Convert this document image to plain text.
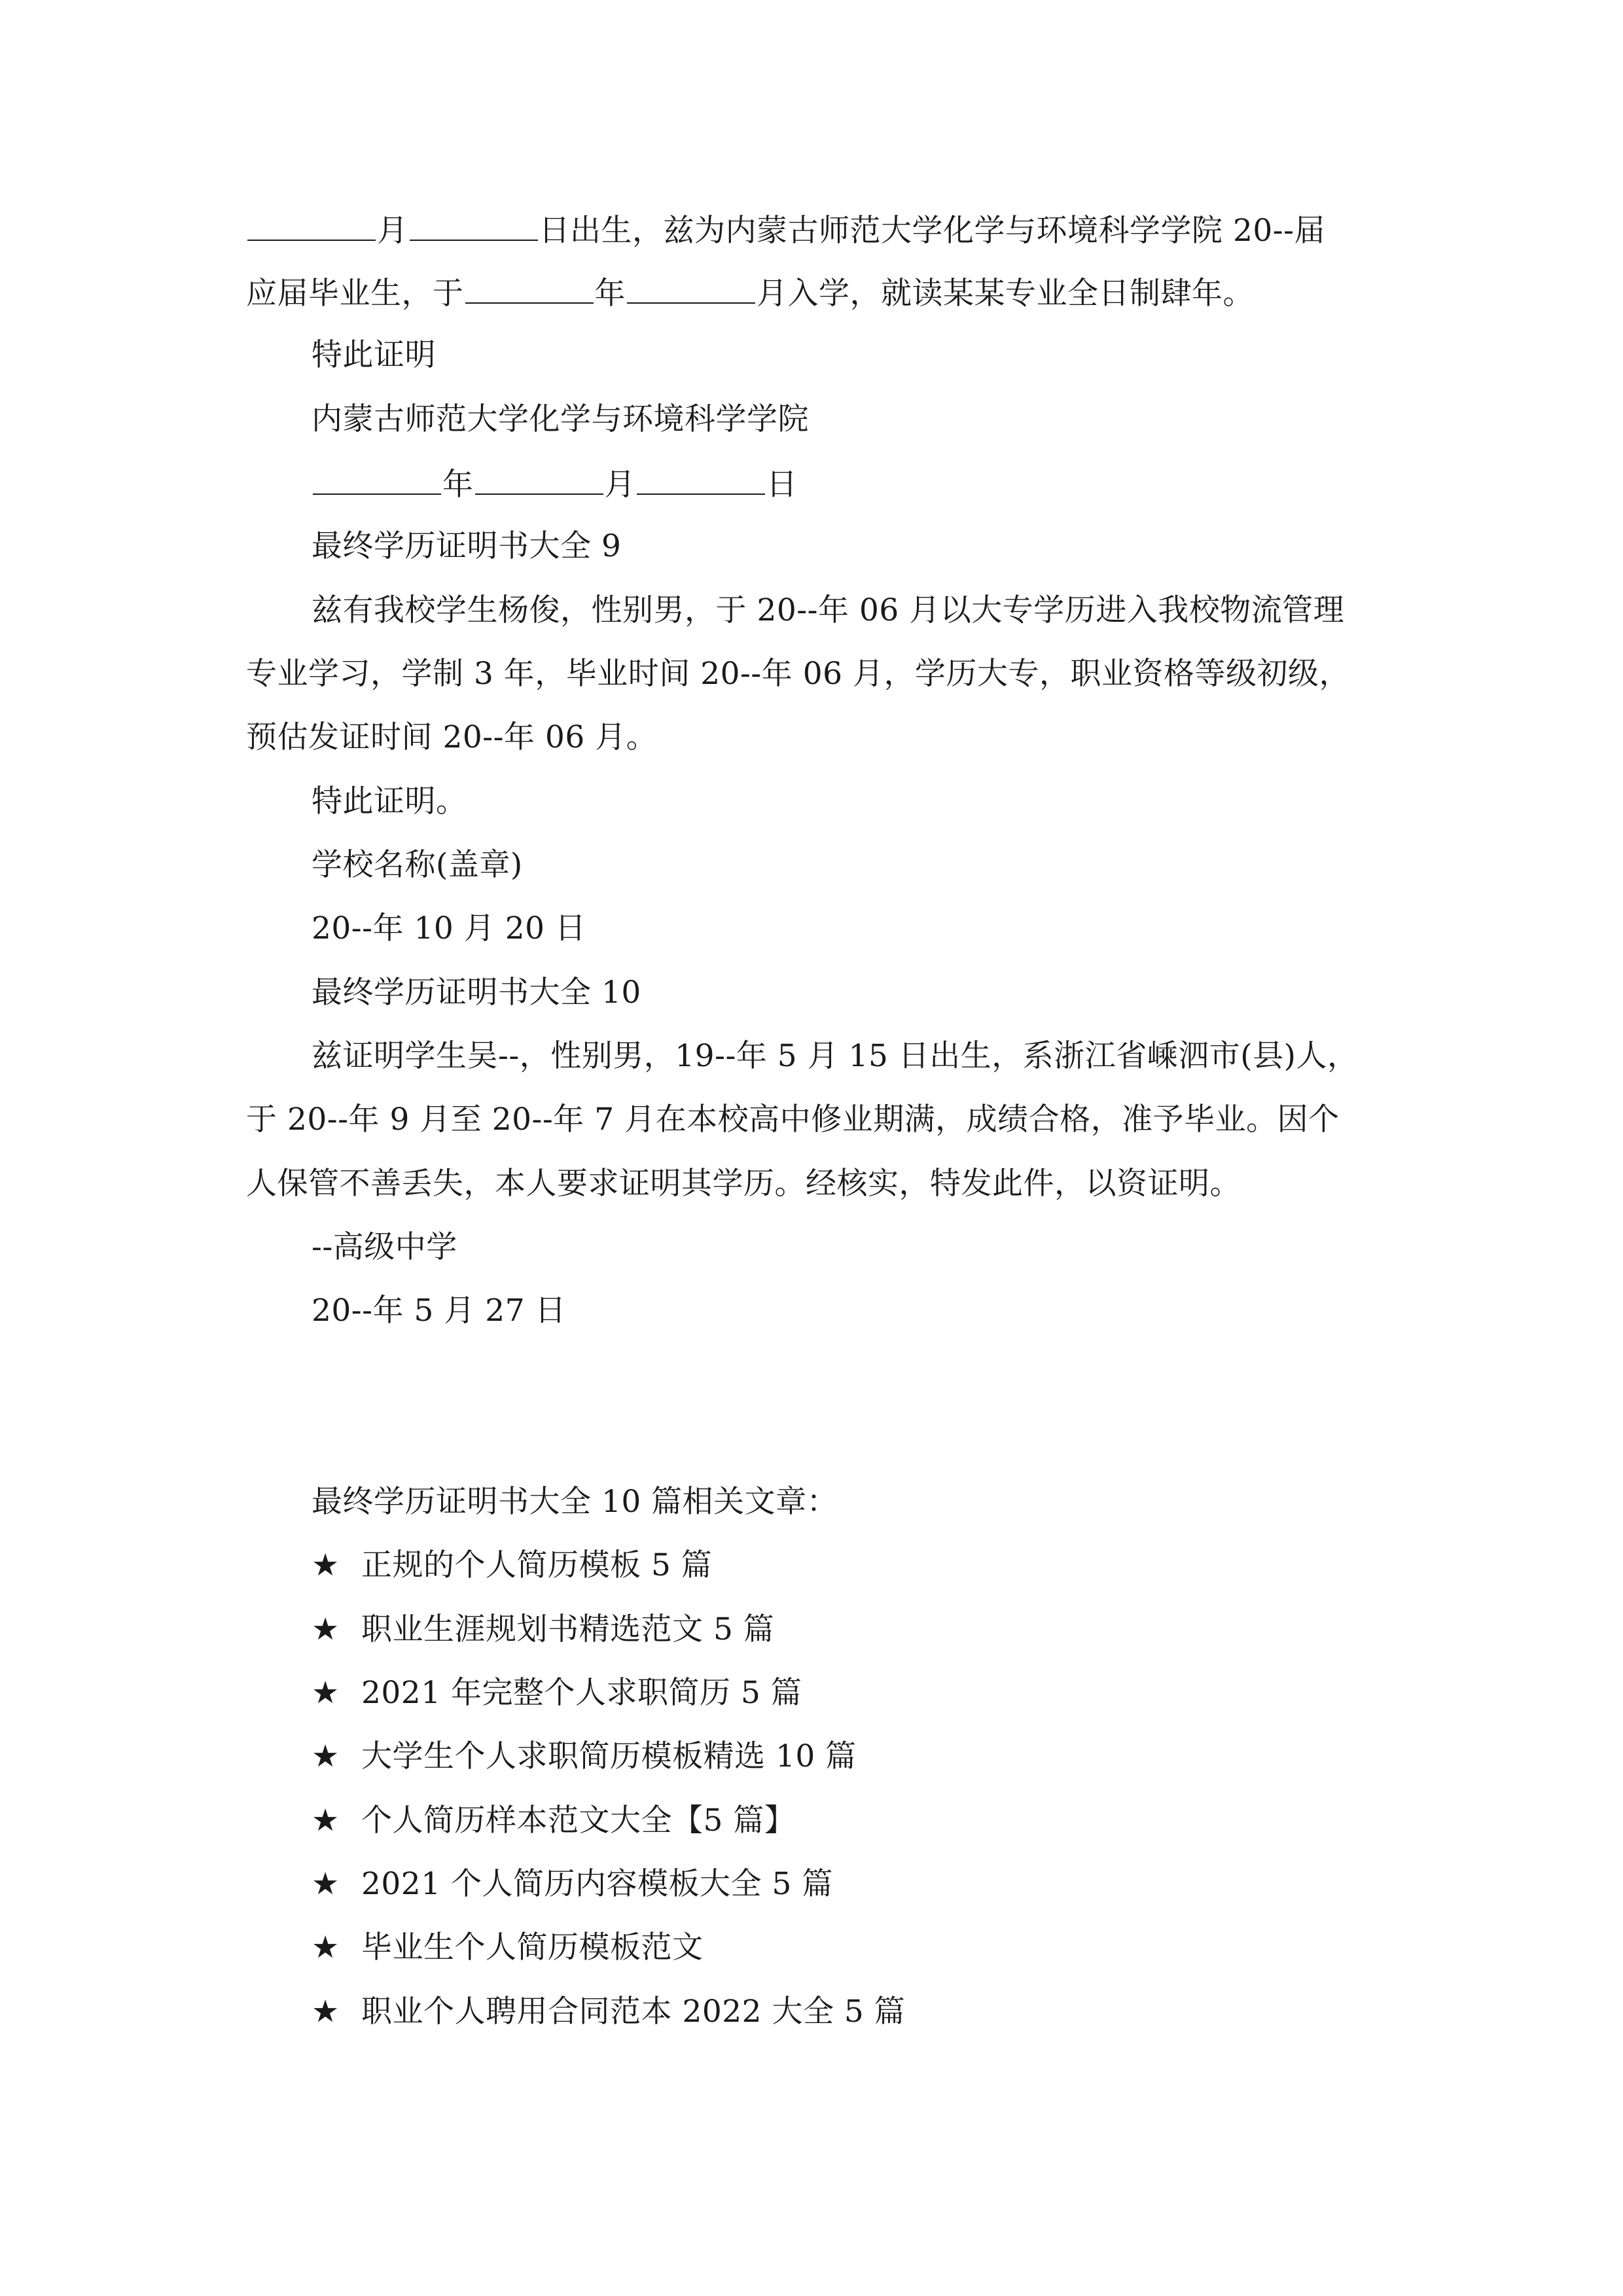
月	日出生，兹为内蒙古师范大学化学与环境科学学院 20--届
应届毕业生，于	年	月入学，就读某某专业全日制肆年。
特此证明
内蒙古师范大学化学与环境科学学院
年	月	日
最终学历证明书大全 9
兹有我校学生杨俊，性别男，于 20--年 06 月以大专学历进入我校物流管理
专业学习，学制 3 年，毕业时间 20--年 06 月，学历大专，职业资格等级初级，
预估发证时间 20--年 06 月。
特此证明。
学校名称(盖章)
20--年 10 月 20 日
最终学历证明书大全 10
兹证明学生吴--，性别男，19--年 5 月 15 日出生，系浙江省嵊泗市(县)人，
于 20--年 9 月至 20--年 7 月在本校高中修业期满，成绩合格，准予毕业。因个
人保管不善丢失，本人要求证明其学历。经核实，特发此件，以资证明。
--高级中学
20--年 5 月 27 日
最终学历证明书大全 10 篇相关文章：
★ 正规的个人简历模板 5 篇
★ 职业生涯规划书精选范文 5 篇
★ 2021 年完整个人求职简历 5 篇
★ 大学生个人求职简历模板精选 10 篇
★ 个人简历样本范文大全【5 篇】
★ 2021 个人简历内容模板大全 5 篇
★ 毕业生个人简历模板范文
★ 职业个人聘用合同范本 2022 大全 5 篇
